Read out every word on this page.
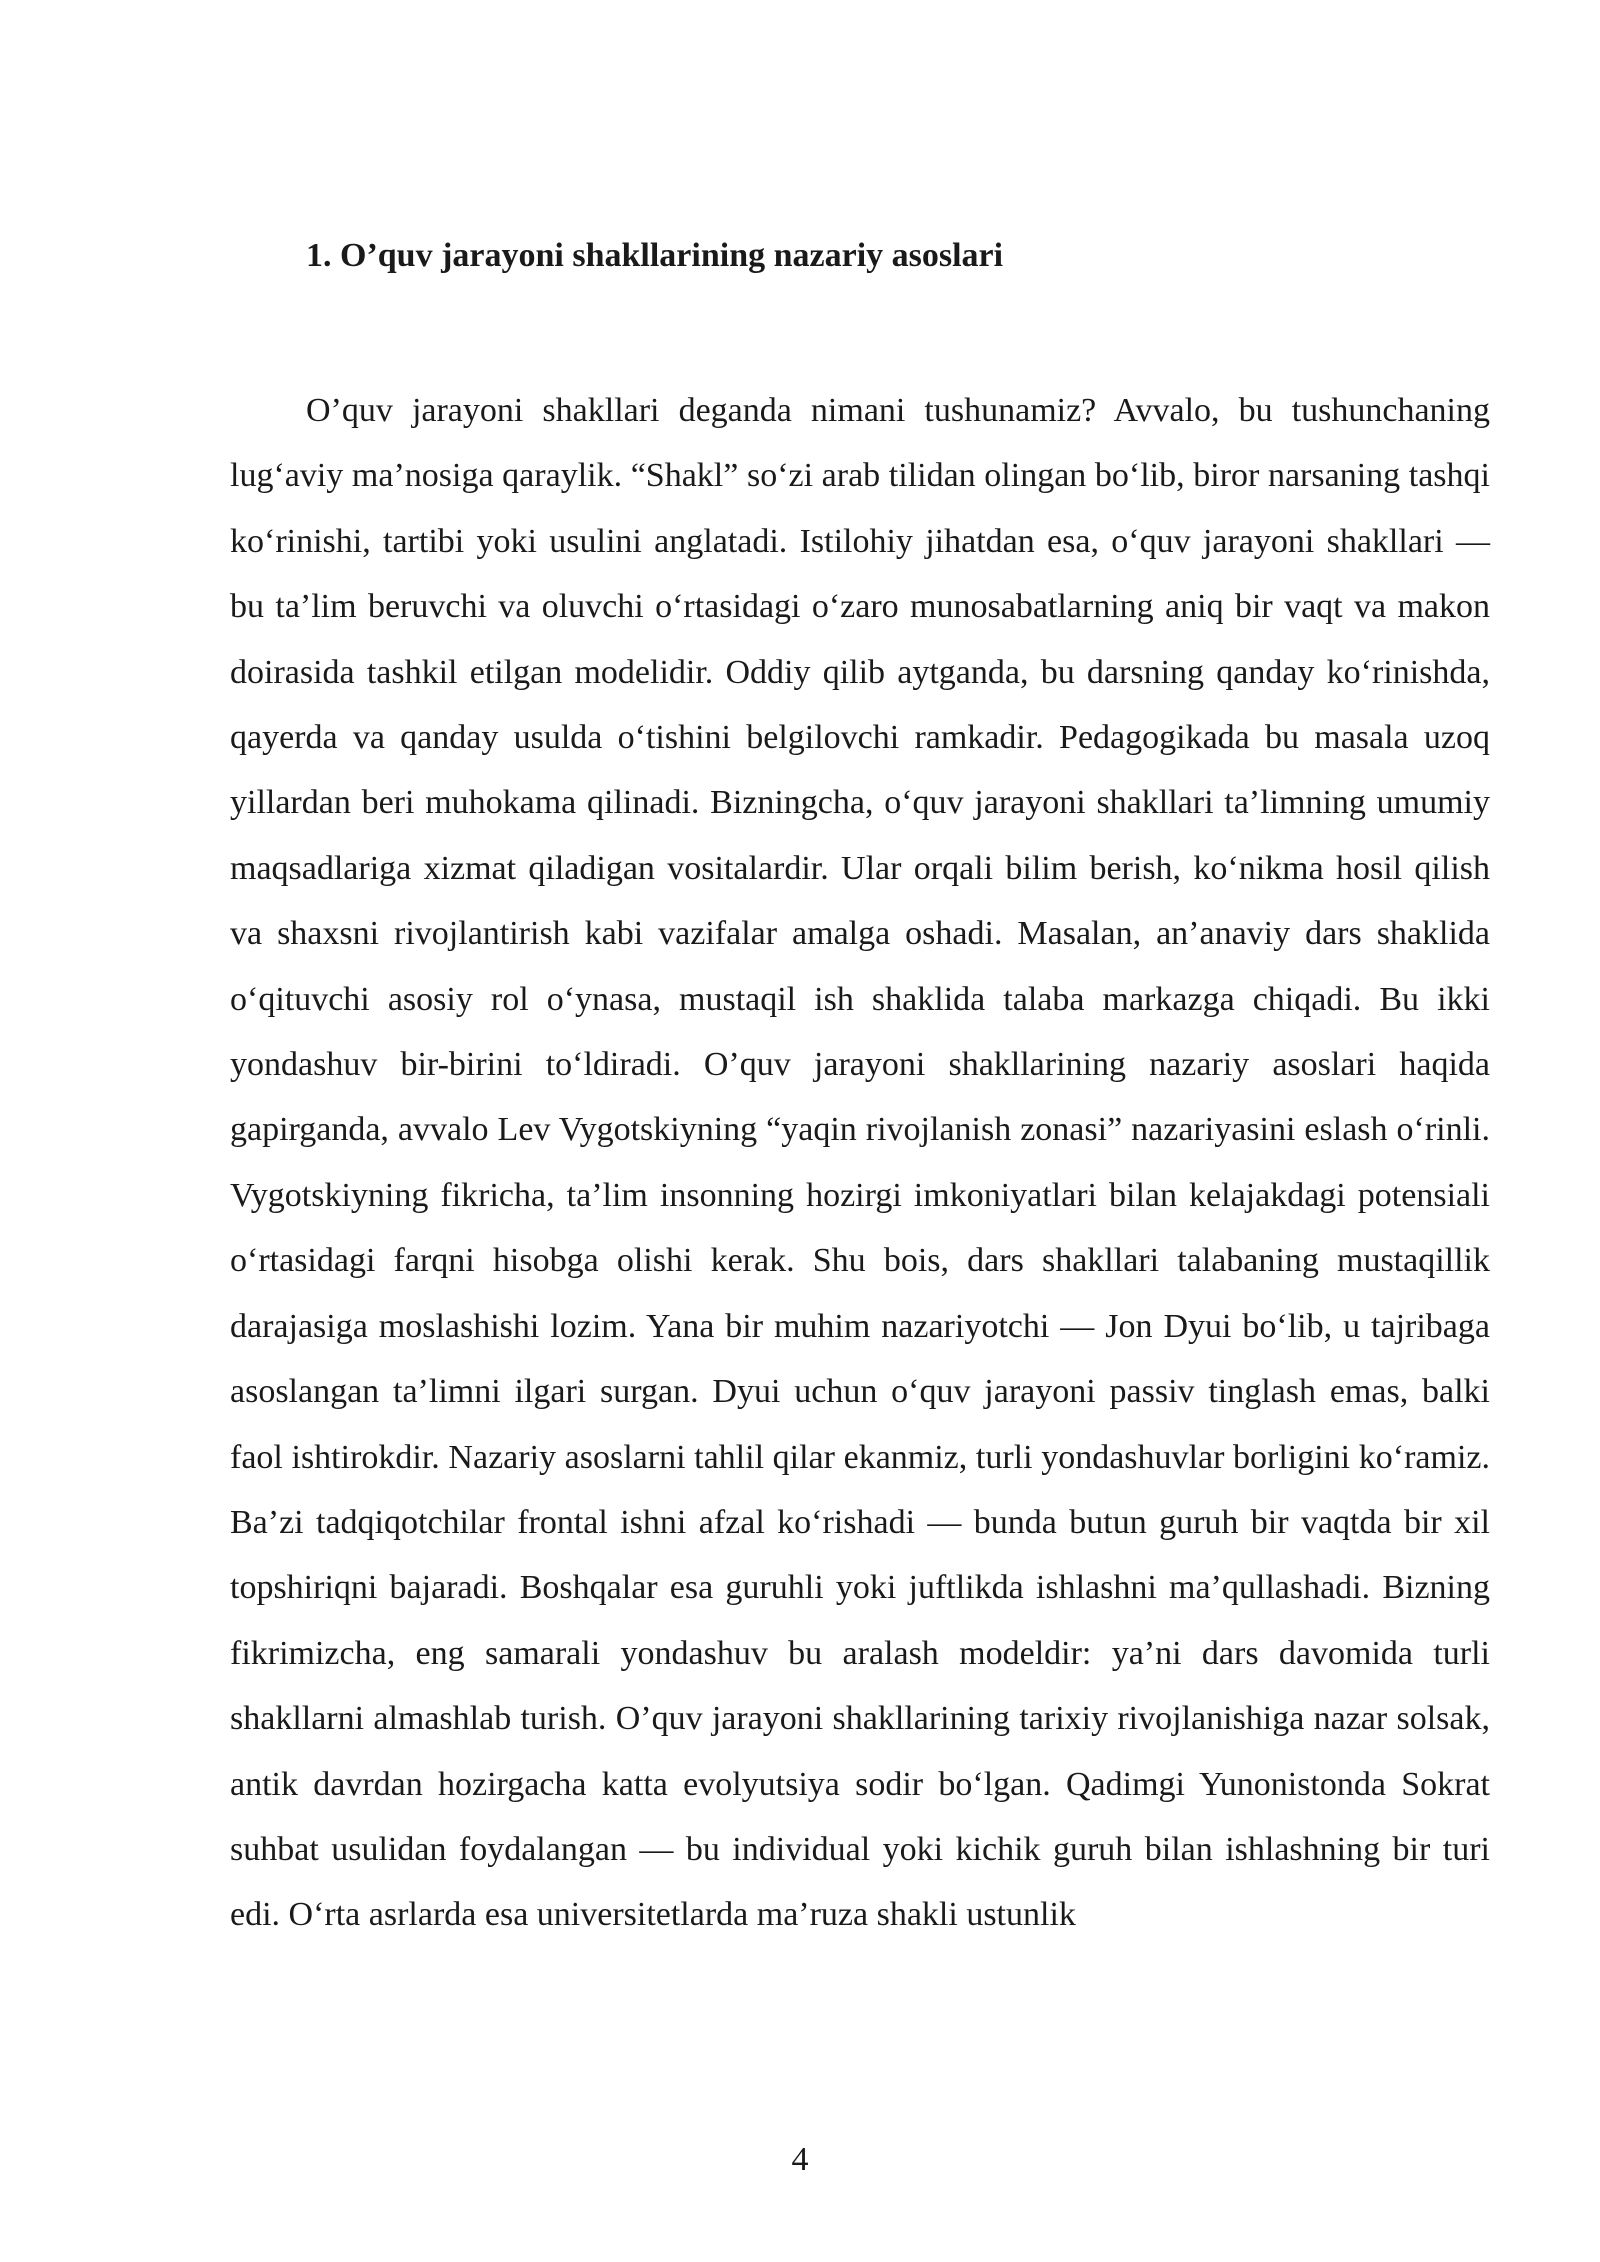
1. O’quv jarayoni shakllarining nazariy asoslari

O’quv jarayoni shakllari deganda nimani tushunamiz? Avvalo, bu tushunchaning lug‘aviy ma’nosiga qaraylik. “Shakl” so‘zi arab tilidan olingan bo‘lib, biror narsaning tashqi ko‘rinishi, tartibi yoki usulini anglatadi. Istilohiy jihatdan esa, o‘quv jarayoni shakllari — bu ta’lim beruvchi va oluvchi o‘rtasidagi o‘zaro munosabatlarning aniq bir vaqt va makon doirasida tashkil etilgan modelidir. Oddiy qilib aytganda, bu darsning qanday ko‘rinishda, qayerda va qanday usulda o‘tishini belgilovchi ramkadir. Pedagogikada bu masala uzoq yillardan beri muhokama qilinadi. Bizningcha, o‘quv jarayoni shakllari ta’limning umumiy maqsadlariga xizmat qiladigan vositalardir. Ular orqali bilim berish, ko‘nikma hosil qilish va shaxsni rivojlantirish kabi vazifalar amalga oshadi. Masalan, an’anaviy dars shaklida o‘qituvchi asosiy rol o‘ynasa, mustaqil ish shaklida talaba markazga chiqadi. Bu ikki yondashuv bir-birini to‘ldiradi. O’quv jarayoni shakllarining nazariy asoslari haqida gapirganda, avvalo Lev Vygotskiyning “yaqin rivojlanish zonasi” nazariyasini eslash o‘rinli. Vygotskiyning fikricha, ta’lim insonning hozirgi imkoniyatlari bilan kelajakdagi potensiali o‘rtasidagi farqni hisobga olishi kerak. Shu bois, dars shakllari talabaning mustaqillik darajasiga moslashishi lozim. Yana bir muhim nazariyotchi — Jon Dyui bo‘lib, u tajribaga asoslangan ta’limni ilgari surgan. Dyui uchun o‘quv jarayoni passiv tinglash emas, balki faol ishtirokdir. Nazariy asoslarni tahlil qilar ekanmiz, turli yondashuvlar borligini ko‘ramiz. Ba’zi tadqiqotchilar frontal ishni afzal ko‘rishadi — bunda butun guruh bir vaqtda bir xil topshiriqni bajaradi. Boshqalar esa guruhli yoki juftlikda ishlashni ma’qullashadi. Bizning fikrimizcha, eng samarali yondashuv bu aralash modeldir: ya’ni dars davomida turli shakllarni almashlab turish. O’quv jarayoni shakllarining tarixiy rivojlanishiga nazar solsak, antik davrdan hozirgacha katta evolyutsiya sodir bo‘lgan. Qadimgi Yunonistonda Sokrat suhbat usulidan foydalangan — bu individual yoki kichik guruh bilan ishlashning bir turi edi. O‘rta asrlarda esa universitetlarda ma’ruza shakli ustunlik

4
